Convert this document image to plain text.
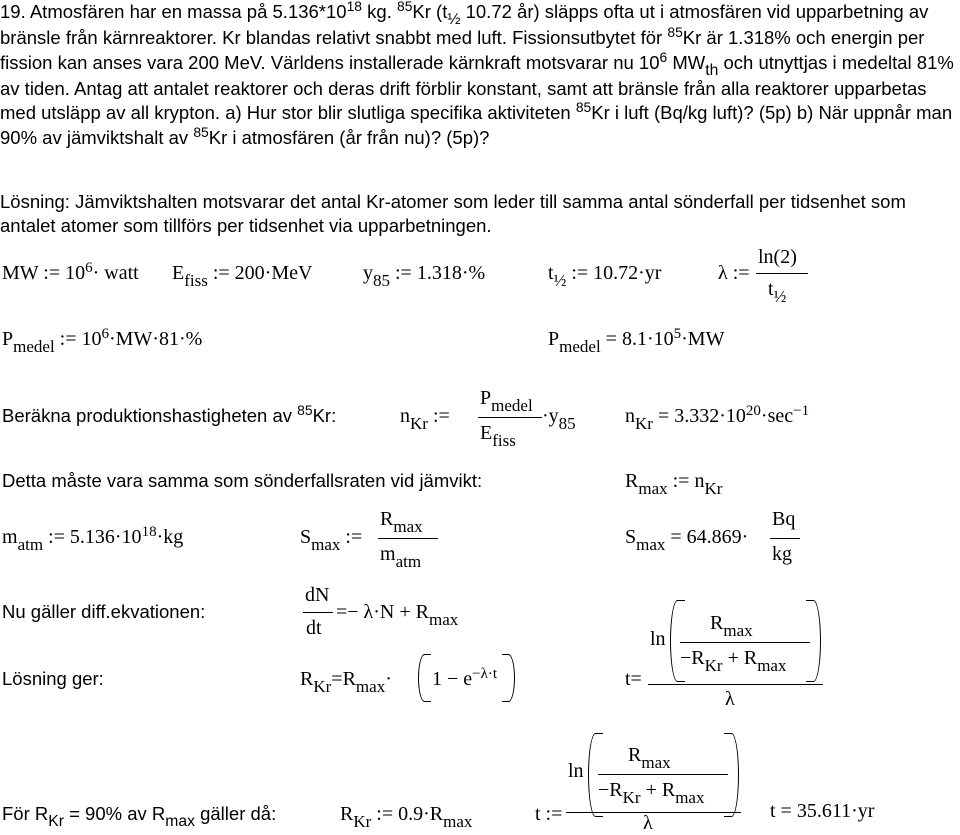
19. Atmosfären har en massa på $5.136*10^{18}$ kg. $^{85}$Kr ($t_{\frac{1}{2}}$ 10.72 år) släpps ofta ut i atmosfären vid upparbetning av bränsle från kärnreaktorer. Kr blandas relativt snabbt med luft. Fissionsutbytet för $^{85}$Kr är 1.318% och energin per fission kan anses vara 200 MeV. Världens installerade kärnkraft motsvarar nu $10^6$ $MW_{th}$ och utnyttjas i medeltal 81% av tiden. Antag att antalet reaktorer och deras drift förblir konstant, samt att bränsle från alla reaktorer upparbetas med utsläpp av all krypton. a) Hur stor blir slutliga specifika aktiviteten $^{85}$Kr i luft (Bq/kg luft)? (5p) b) När uppnår man 90% av jämviktshalt av $^{85}$Kr i atmosfären (år från nu)? (5p)?
Lösning: Jämviktshalten motsvarar det antal Kr-atomer som leder till samma antal sönderfall per tidsenhet som antalet atomer som tillförs per tidsenhet via upparbetningen.
MW := $10^6\cdot$ watt $E_{fiss}$ := 200·MeV	$y_{85}$ := 1.318·%	$t_{\frac{1}{2}}$ := 10.72·yr	λ :=
ln(2)
$t_{\frac{1}{2}}$
$P_{medel}$ := $10^6\cdot MW\cdot 81\cdot\%$	$P_{medel} = 8.1\cdot 10^5\cdot MW$
Beräkna produktionshastigheten av $^{85}$Kr:	$n_{Kr}$ :=
$P_{medel}$
$E_{fiss}$
$\cdot y_{85}$ $n_{Kr} = 3.332\cdot 10^{20}\cdot\sec^{-1}$
Detta måste vara samma som sönderfallsraten vid jämvikt:	$R_{max}$ := $n_{Kr}$
$m_{atm}$ := $5.136\cdot 10^{18}\cdot kg$	$S_{max}$ :=
$R_{max}$
$m_{atm}$
$S_{max} = 64.869\cdot$
Bq
kg
Nu gäller diff.ekvationen:
dN
dt
=− $\lambda\cdot N + R_{max}$
Lösning ger:	$R_{Kr}=R_{max}\cdot 1 - e^{-\lambda\cdot t}$	t=
ln
$R_{max}$
$-R_{Kr} + R_{max}$
λ
För $R_{Kr} = 90\%$ av $R_{max}$ gäller då:	$R_{Kr}$ := $0.9\cdot R_{max}$	t :=
ln
$R_{max}$
$-R_{Kr} + R_{max}$
λ
t = 35.611·yr
